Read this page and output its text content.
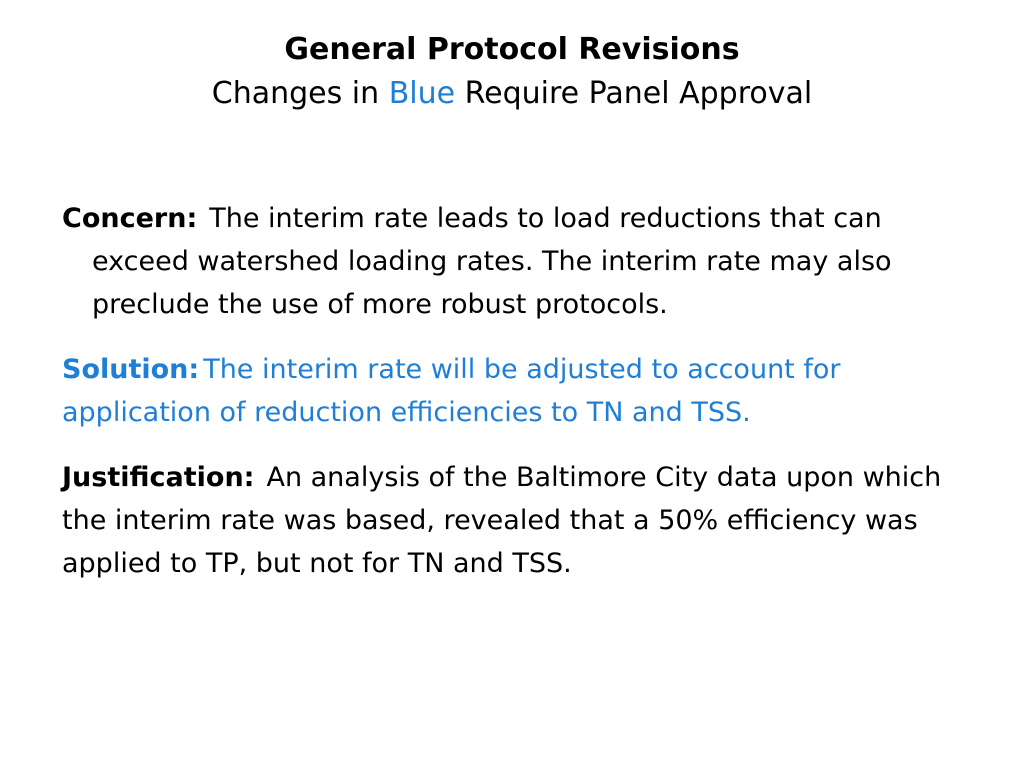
General Protocol Revisions
Changes in Blue Require Panel Approval

Concern: The interim rate leads to load reductions that can exceed watershed loading rates. The interim rate may also preclude the use of more robust protocols.

Solution: The interim rate will be adjusted to account for application of reduction efficiencies to TN and TSS.

Justification: An analysis of the Baltimore City data upon which the interim rate was based, revealed that a 50% efficiency was applied to TP, but not for TN and TSS.
